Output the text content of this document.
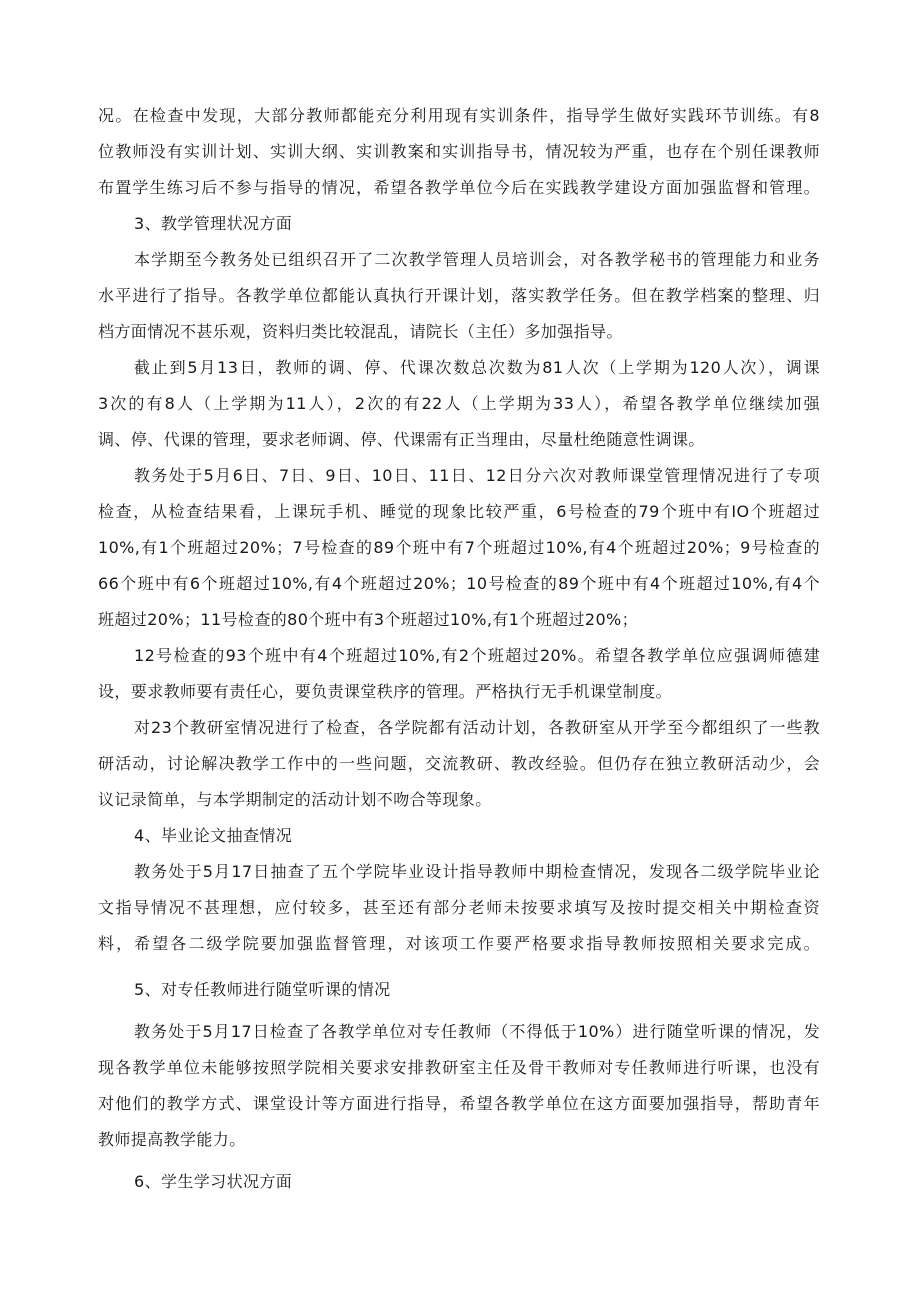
况。在检查中发现，大部分教师都能充分利用现有实训条件，指导学生做好实践环节训练。有8

位教师没有实训计划、实训大纲、实训教案和实训指导书，情况较为严重，也存在个别任课教师

布置学生练习后不参与指导的情况，希望各教学单位今后在实践教学建设方面加强监督和管理。

3、教学管理状况方面

本学期至今教务处已组织召开了二次教学管理人员培训会，对各教学秘书的管理能力和业务

水平进行了指导。各教学单位都能认真执行开课计划，落实教学任务。但在教学档案的整理、归

档方面情况不甚乐观，资料归类比较混乱，请院长（主任）多加强指导。

截止到5月13日，教师的调、停、代课次数总次数为81人次（上学期为120人次），调课

3次的有8人（上学期为11人），2次的有22人（上学期为33人），希望各教学单位继续加强

调、停、代课的管理，要求老师调、停、代课需有正当理由，尽量杜绝随意性调课。

教务处于5月6日、7日、9日、10日、11日、12日分六次对教师课堂管理情况进行了专项

检查，从检查结果看，上课玩手机、睡觉的现象比较严重，6号检查的79个班中有IO个班超过

10%,有1个班超过20%；7号检查的89个班中有7个班超过10%,有4个班超过20%；9号检查的

66个班中有6个班超过10%,有4个班超过20%；10号检查的89个班中有4个班超过10%,有4个

班超过20%；11号检查的80个班中有3个班超过10%,有1个班超过20%；

12号检查的93个班中有4个班超过10%,有2个班超过20%。希望各教学单位应强调师德建

设，要求教师要有责任心，要负责课堂秩序的管理。严格执行无手机课堂制度。

对23个教研室情况进行了检查，各学院都有活动计划，各教研室从开学至今都组织了一些教

研活动，讨论解决教学工作中的一些问题，交流教研、教改经验。但仍存在独立教研活动少，会

议记录简单，与本学期制定的活动计划不吻合等现象。

4、毕业论文抽查情况

教务处于5月17日抽查了五个学院毕业设计指导教师中期检查情况，发现各二级学院毕业论

文指导情况不甚理想，应付较多，甚至还有部分老师未按要求填写及按时提交相关中期检查资

料，希望各二级学院要加强监督管理，对该项工作要严格要求指导教师按照相关要求完成。

5、对专任教师进行随堂听课的情况

教务处于5月17日检查了各教学单位对专任教师（不得低于10%）进行随堂听课的情况，发

现各教学单位未能够按照学院相关要求安排教研室主任及骨干教师对专任教师进行听课，也没有

对他们的教学方式、课堂设计等方面进行指导，希望各教学单位在这方面要加强指导，帮助青年

教师提高教学能力。

6、学生学习状况方面
